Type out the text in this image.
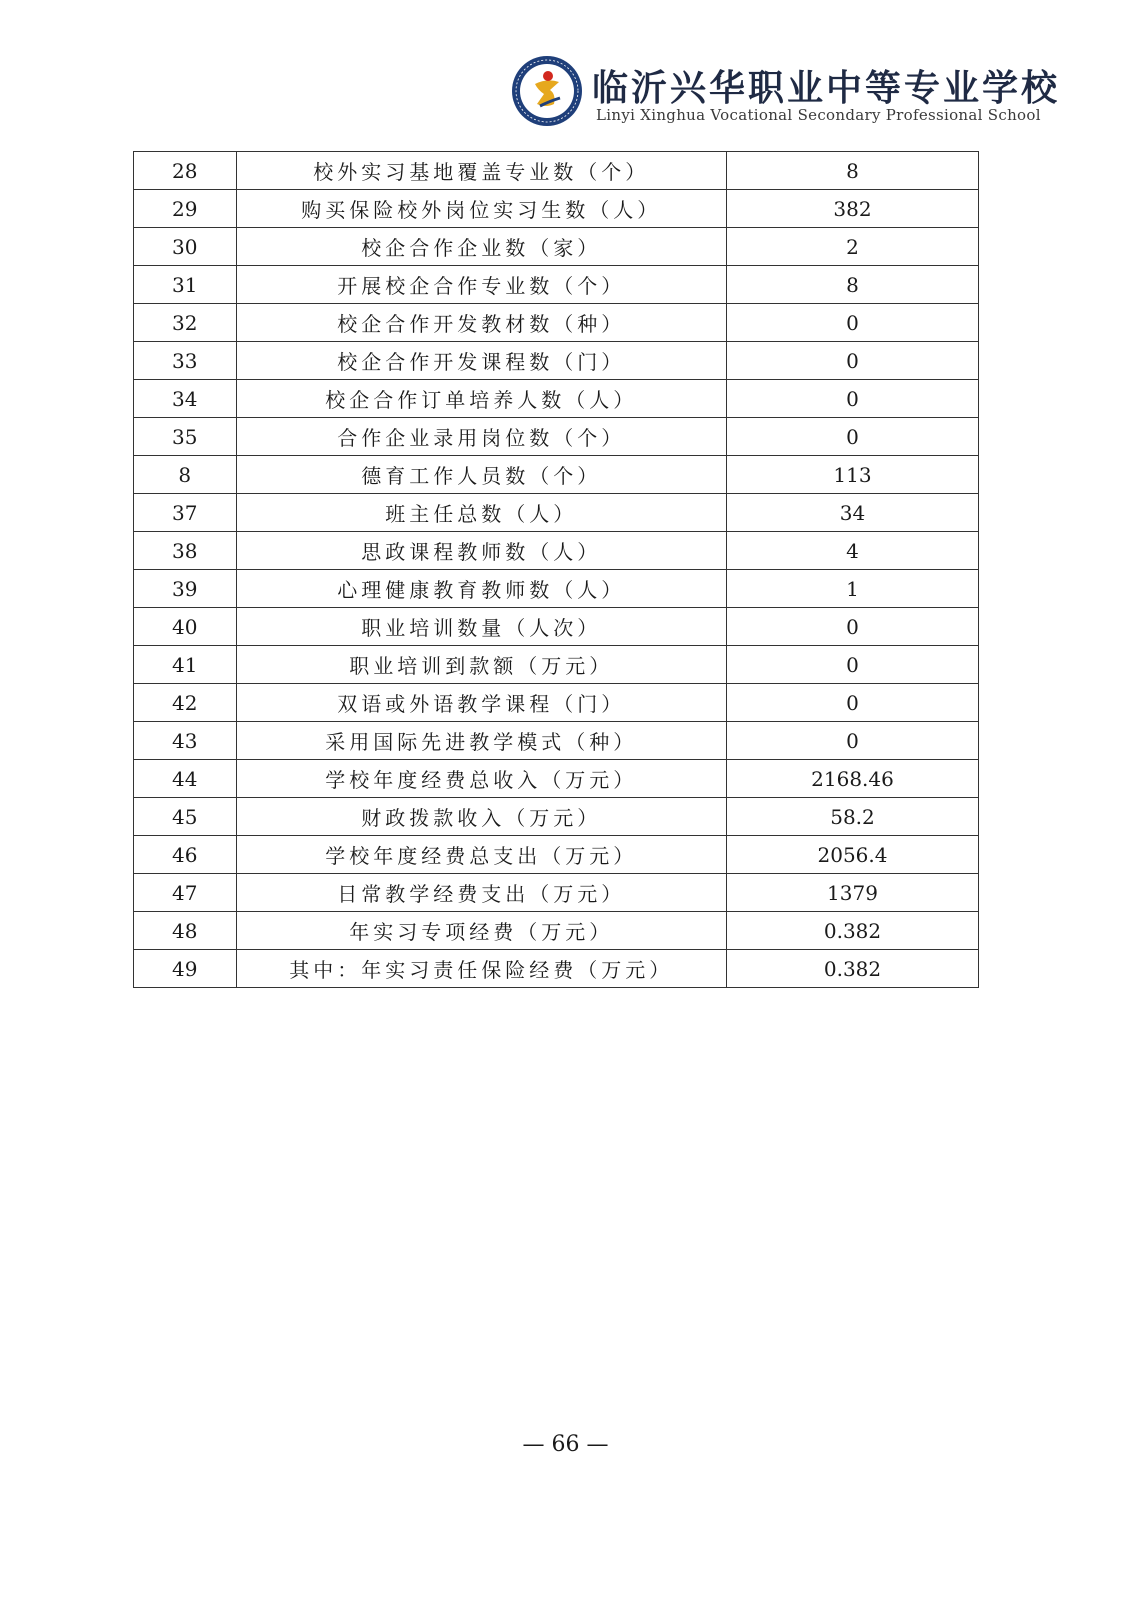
临沂兴华职业中等专业学校
Linyi Xinghua Vocational Secondary Professional School
28	校外实习基地覆盖专业数（个）	8
29	购买保险校外岗位实习生数（人）	382
30	校企合作企业数（家）	2
31	开展校企合作专业数（个）	8
32	校企合作开发教材数（种）	0
33	校企合作开发课程数（门）	0
34	校企合作订单培养人数（人）	0
35	合作企业录用岗位数（个）	0
8	德育工作人员数（个）	113
37	班主任总数（人）	34
38	思政课程教师数（人）	4
39	心理健康教育教师数（人）	1
40	职业培训数量（人次）	0
41	职业培训到款额（万元）	0
42	双语或外语教学课程（门）	0
43	采用国际先进教学模式（种）	0
44	学校年度经费总收入（万元）	2168.46
45	财政拨款收入（万元）	58.2
46	学校年度经费总支出（万元）	2056.4
47	日常教学经费支出（万元）	1379
48	年实习专项经费（万元）	0.382
49	其中：年实习责任保险经费（万元）	0.382
— 66 —
